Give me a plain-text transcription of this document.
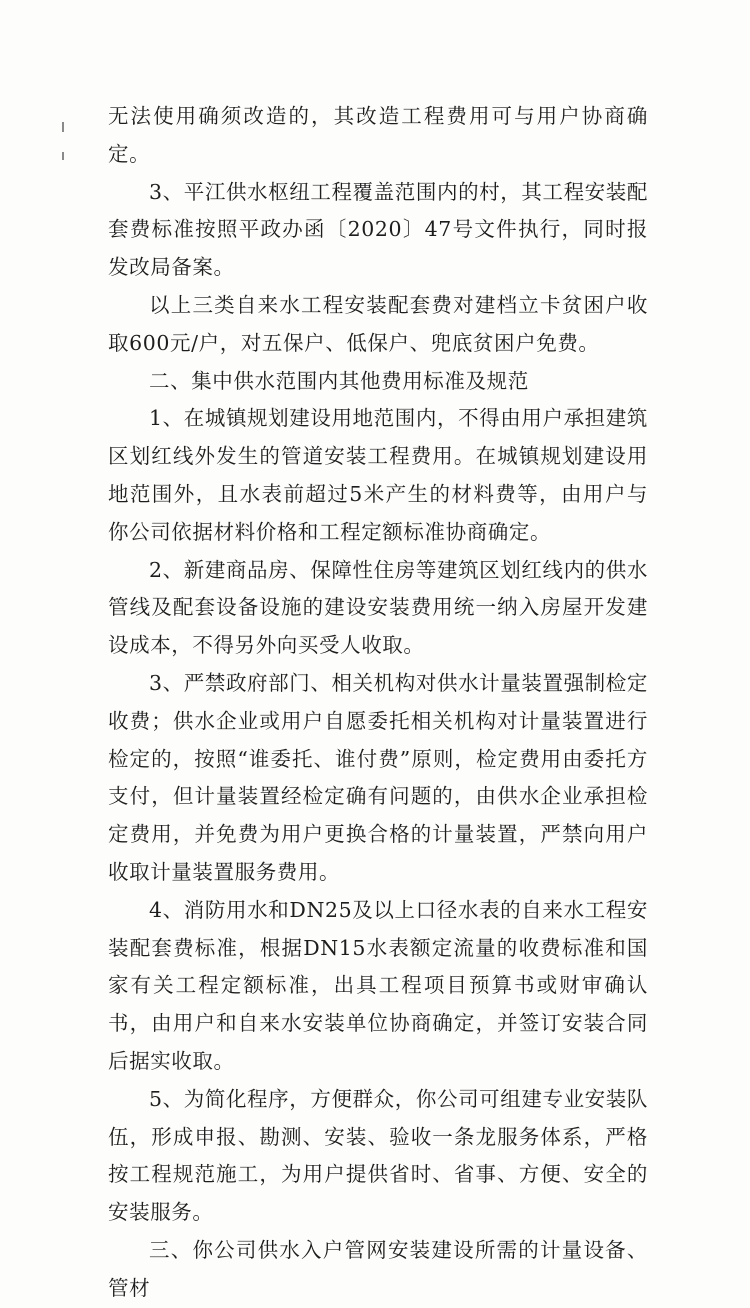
无法使用确须改造的，其改造工程费用可与用户协商确定。

3、平江供水枢纽工程覆盖范围内的村，其工程安装配套费标准按照平政办函〔2020〕47号文件执行，同时报发改局备案。

以上三类自来水工程安装配套费对建档立卡贫困户收取600元/户，对五保户、低保户、兜底贫困户免费。

二、集中供水范围内其他费用标准及规范

1、在城镇规划建设用地范围内，不得由用户承担建筑区划红线外发生的管道安装工程费用。在城镇规划建设用地范围外，且水表前超过5米产生的材料费等，由用户与你公司依据材料价格和工程定额标准协商确定。

2、新建商品房、保障性住房等建筑区划红线内的供水管线及配套设备设施的建设安装费用统一纳入房屋开发建设成本，不得另外向买受人收取。

3、严禁政府部门、相关机构对供水计量装置强制检定收费；供水企业或用户自愿委托相关机构对计量装置进行检定的，按照“谁委托、谁付费”原则，检定费用由委托方支付，但计量装置经检定确有问题的，由供水企业承担检定费用，并免费为用户更换合格的计量装置，严禁向用户收取计量装置服务费用。

4、消防用水和DN25及以上口径水表的自来水工程安装配套费标准，根据DN15水表额定流量的收费标准和国家有关工程定额标准，出具工程项目预算书或财审确认书，由用户和自来水安装单位协商确定，并签订安装合同后据实收取。

5、为简化程序，方便群众，你公司可组建专业安装队伍，形成申报、勘测、安装、验收一条龙服务体系，严格按工程规范施工，为用户提供省时、省事、方便、安全的安装服务。

三、你公司供水入户管网安装建设所需的计量设备、管材
